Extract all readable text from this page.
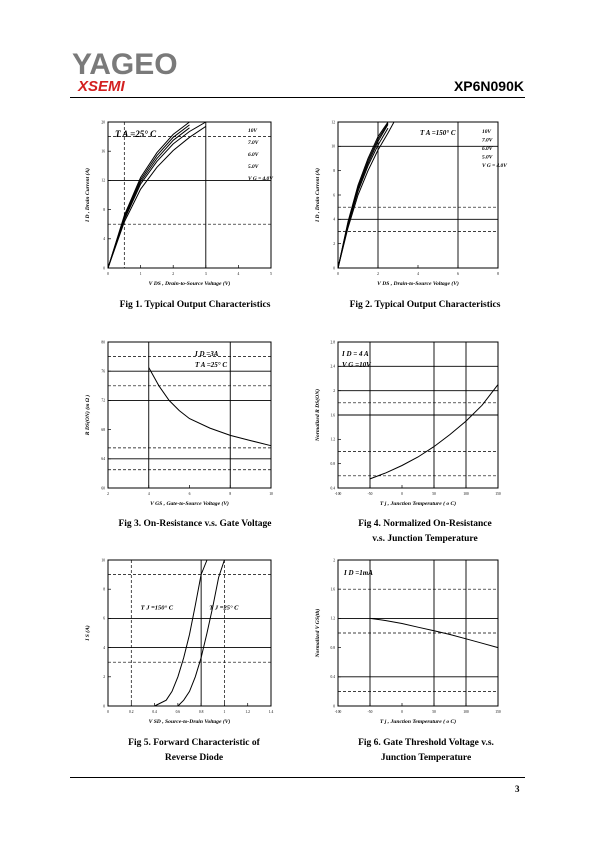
YAGEO
XSEMI	XP6N090K
0	1	2	3	4	5
0
4
8
12
16
20
V DS , Drain-to-Source Voltage (V)
I D , Drain Current (A)
T A =25° C	10V
7.0V
6.0V
5.0V
V G = 4.0V
0	2	4	6	8
0
2
4
6
8
10
12
V DS , Drain-to-Source Voltage (V)
I D , Drain Current (A)
T A =150° C	10V
7.0V
6.0V
5.0V
V G = 4.0V
2	4	6	8	10
60
64
68
72
76
80
V GS , Gate-to-Source Voltage (V)
R DS(ON) (m Ω )
I D =3A
T A =25° C
-100	-50	0	50	100	150
0.4
0.8
1.2
1.6
2
2.4
2.8
T j , Junction Temperature ( o C)
Normalized R DS(ON)
I D = 4 A
V G =10V
0	0.2	0.4	0.6	0.8	1	1.2	1.4
0
2
4
6
8
10
V SD , Source-to-Drain Voltage (V)
I S (A)
T J =150° C	T J =25° C
-100	-50	0	50	100	150
0
0.4
0.8
1.2
1.6
2
T j , Junction Temperature ( o C)
Normalized V GS(th)
I D =1mA
3
Fig 1. Typical Output Characteristics	Fig 2. Typical Output Characteristics
Fig 3. On-Resistance v.s. Gate Voltage	Fig 4. Normalized On-Resistance
v.s. Junction Temperature
Fig 5. Forward Characteristic of
Reverse Diode
Fig 6. Gate Threshold Voltage v.s.
Junction Temperature
